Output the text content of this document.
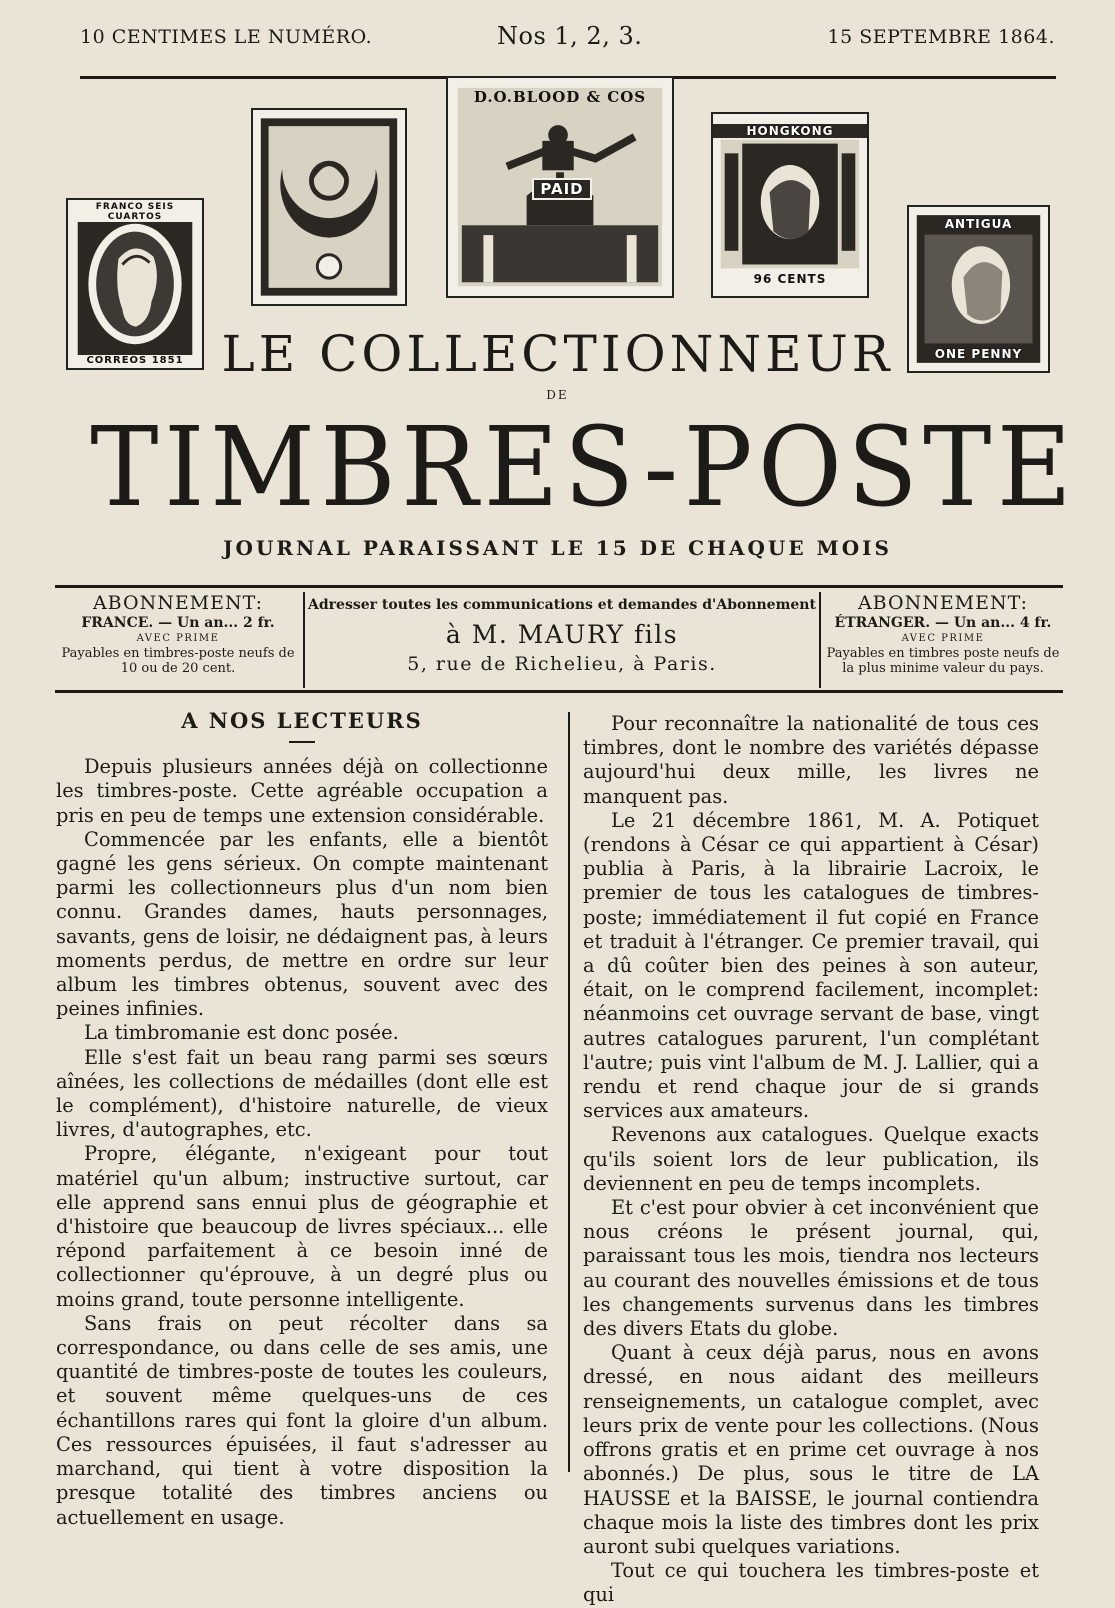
10 CENTIMES LE NUMÉRO.	Nos 1, 2, 3.	15 SEPTEMBRE 1864.
FRANCO SEIS CUARTOS
CORREOS 1851
D.O.BLOOD & COS
PAID
HONGKONG
96 CENTS
ANTIGUA
ONE PENNY
LE COLLECTIONNEUR
DE
TIMBRES-POSTE
JOURNAL PARAISSANT LE 15 DE CHAQUE MOIS
ABONNEMENT:
FRANCE. — Un an... 2 fr.
AVEC PRIME
Payables en timbres-poste neufs de 10 ou de 20 cent.
Adresser toutes les communications et demandes d'Abonnement
à M. MAURY fils
5, rue de Richelieu, à Paris.
ABONNEMENT:
ÉTRANGER. — Un an... 4 fr.
AVEC PRIME
Payables en timbres poste neufs de la plus minime valeur du pays.
A NOS LECTEURS

Depuis plusieurs années déjà on collectionne les timbres-poste. Cette agréable occupation a pris en peu de temps une extension considérable.

Commencée par les enfants, elle a bientôt gagné les gens sérieux. On compte maintenant parmi les collectionneurs plus d'un nom bien connu. Grandes dames, hauts personnages, savants, gens de loisir, ne dédaignent pas, à leurs moments perdus, de mettre en ordre sur leur album les timbres obtenus, souvent avec des peines infinies.

La timbromanie est donc posée.

Elle s'est fait un beau rang parmi ses sœurs aînées, les collections de médailles (dont elle est le complément), d'histoire naturelle, de vieux livres, d'autographes, etc.

Propre, élégante, n'exigeant pour tout matériel qu'un album; instructive surtout, car elle apprend sans ennui plus de géographie et d'histoire que beaucoup de livres spéciaux... elle répond parfaitement à ce besoin inné de collectionner qu'éprouve, à un degré plus ou moins grand, toute personne intelligente.

Sans frais on peut récolter dans sa correspondance, ou dans celle de ses amis, une quantité de timbres-poste de toutes les couleurs, et souvent même quelques-uns de ces échantillons rares qui font la gloire d'un album. Ces ressources épuisées, il faut s'adresser au marchand, qui tient à votre disposition la presque totalité des timbres anciens ou actuellement en usage.

Pour reconnaître la nationalité de tous ces timbres, dont le nombre des variétés dépasse aujourd'hui deux mille, les livres ne manquent pas.

Le 21 décembre 1861, M. A. Potiquet (rendons à César ce qui appartient à César) publia à Paris, à la librairie Lacroix, le premier de tous les catalogues de timbres-poste; immédiatement il fut copié en France et traduit à l'étranger. Ce premier travail, qui a dû coûter bien des peines à son auteur, était, on le comprend facilement, incomplet: néanmoins cet ouvrage servant de base, vingt autres catalogues parurent, l'un complétant l'autre; puis vint l'album de M. J. Lallier, qui a rendu et rend chaque jour de si grands services aux amateurs.

Revenons aux catalogues. Quelque exacts qu'ils soient lors de leur publication, ils deviennent en peu de temps incomplets.

Et c'est pour obvier à cet inconvénient que nous créons le présent journal, qui, paraissant tous les mois, tiendra nos lecteurs au courant des nouvelles émissions et de tous les changements survenus dans les timbres des divers Etats du globe.

Quant à ceux déjà parus, nous en avons dressé, en nous aidant des meilleurs renseignements, un catalogue complet, avec leurs prix de vente pour les collections. (Nous offrons gratis et en prime cet ouvrage à nos abonnés.) De plus, sous le titre de LA HAUSSE et la BAISSE, le journal contiendra chaque mois la liste des timbres dont les prix auront subi quelques variations.

Tout ce qui touchera les timbres-poste et qui
